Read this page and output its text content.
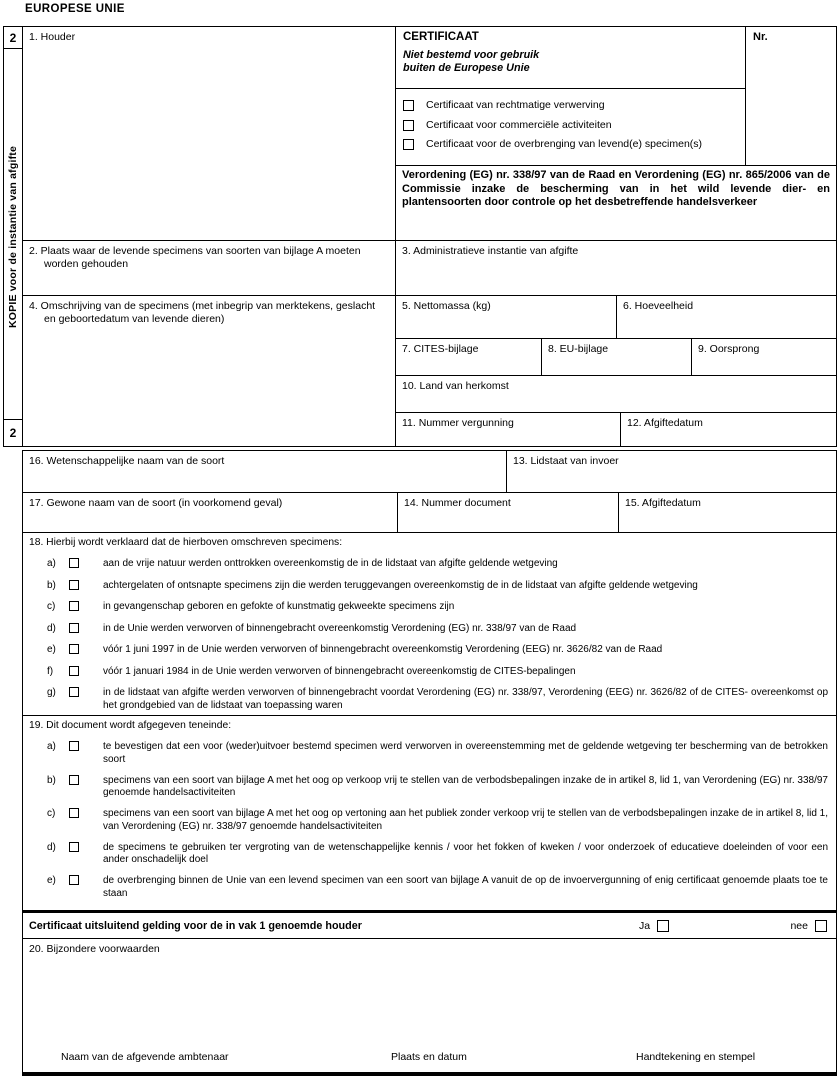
EUROPESE UNIE
2
KOPIE voor de instantie van afgifte
2
1. Houder	CERTIFICAAT
Niet bestemd voor gebruik
buiten de Europese Unie
Certificaat van rechtmatige verwerving
Certificaat voor commerciële activiteiten
Certificaat voor de overbrenging van levend(e) specimen(s)
Nr.
Verordening (EG) nr. 338/97 van de Raad en Verordening (EG) nr. 865/2006 van de Commissie inzake de bescherming van in het wild levende dier- en plantensoorten door controle op het desbetreffende handelsverkeer
2. Plaats waar de levende specimens van soorten van bijlage A moeten worden gehouden
3. Administratieve instantie van afgifte
4. Omschrijving van de specimens (met inbegrip van merktekens, geslacht en geboortedatum van levende dieren)
5. Nettomassa (kg)	6. Hoeveelheid
7. CITES-bijlage	8. EU-bijlage	9. Oorsprong
10. Land van herkomst
11. Nummer vergunning	12. Afgiftedatum
16. Wetenschappelijke naam van de soort	13. Lidstaat van invoer
17. Gewone naam van de soort (in voorkomend geval)	14. Nummer document	15. Afgiftedatum
18. Hierbij wordt verklaard dat de hierboven omschreven specimens:
a)	aan de vrije natuur werden onttrokken overeenkomstig de in de lidstaat van afgifte geldende wetgeving
b)	achtergelaten of ontsnapte specimens zijn die werden teruggevangen overeenkomstig de in de lidstaat van afgifte geldende wetgeving
c)	in gevangenschap geboren en gefokte of kunstmatig gekweekte specimens zijn
d)	in de Unie werden verworven of binnengebracht overeenkomstig Verordening (EG) nr. 338/97 van de Raad
e)	vóór 1 juni 1997 in de Unie werden verworven of binnengebracht overeenkomstig Verordening (EEG) nr. 3626/82 van de Raad
f)	vóór 1 januari 1984 in de Unie werden verworven of binnengebracht overeenkomstig de CITES-bepalingen
g)	in de lidstaat van afgifte werden verworven of binnengebracht voordat Verordening (EG) nr. 338/97, Verordening (EEG) nr. 3626/82 of de CITES- overeenkomst op het grondgebied van de lidstaat van toepassing waren
19. Dit document wordt afgegeven teneinde:
a)	te bevestigen dat een voor (weder)uitvoer bestemd specimen werd verworven in overeenstemming met de geldende wetgeving ter bescherming van de betrokken soort
b)	specimens van een soort van bijlage A met het oog op verkoop vrij te stellen van de verbodsbepalingen inzake de in artikel 8, lid 1, van Verordening (EG) nr. 338/97 genoemde handelsactiviteiten
c)	specimens van een soort van bijlage A met het oog op vertoning aan het publiek zonder verkoop vrij te stellen van de verbodsbepalingen inzake de in artikel 8, lid 1, van Verordening (EG) nr. 338/97 genoemde handelsactiviteiten
d)	de specimens te gebruiken ter vergroting van de wetenschappelijke kennis / voor het fokken of kweken / voor onderzoek of educatieve doeleinden of voor een ander onschadelijk doel
e)	de overbrenging binnen de Unie van een levend specimen van een soort van bijlage A vanuit de op de invoervergunning of enig certificaat genoemde plaats toe te staan
Certificaat uitsluitend gelding voor de in vak 1 genoemde houder	Ja	nee
20. Bijzondere voorwaarden
Naam van de afgevende ambtenaar	Plaats en datum	Handtekening en stempel
